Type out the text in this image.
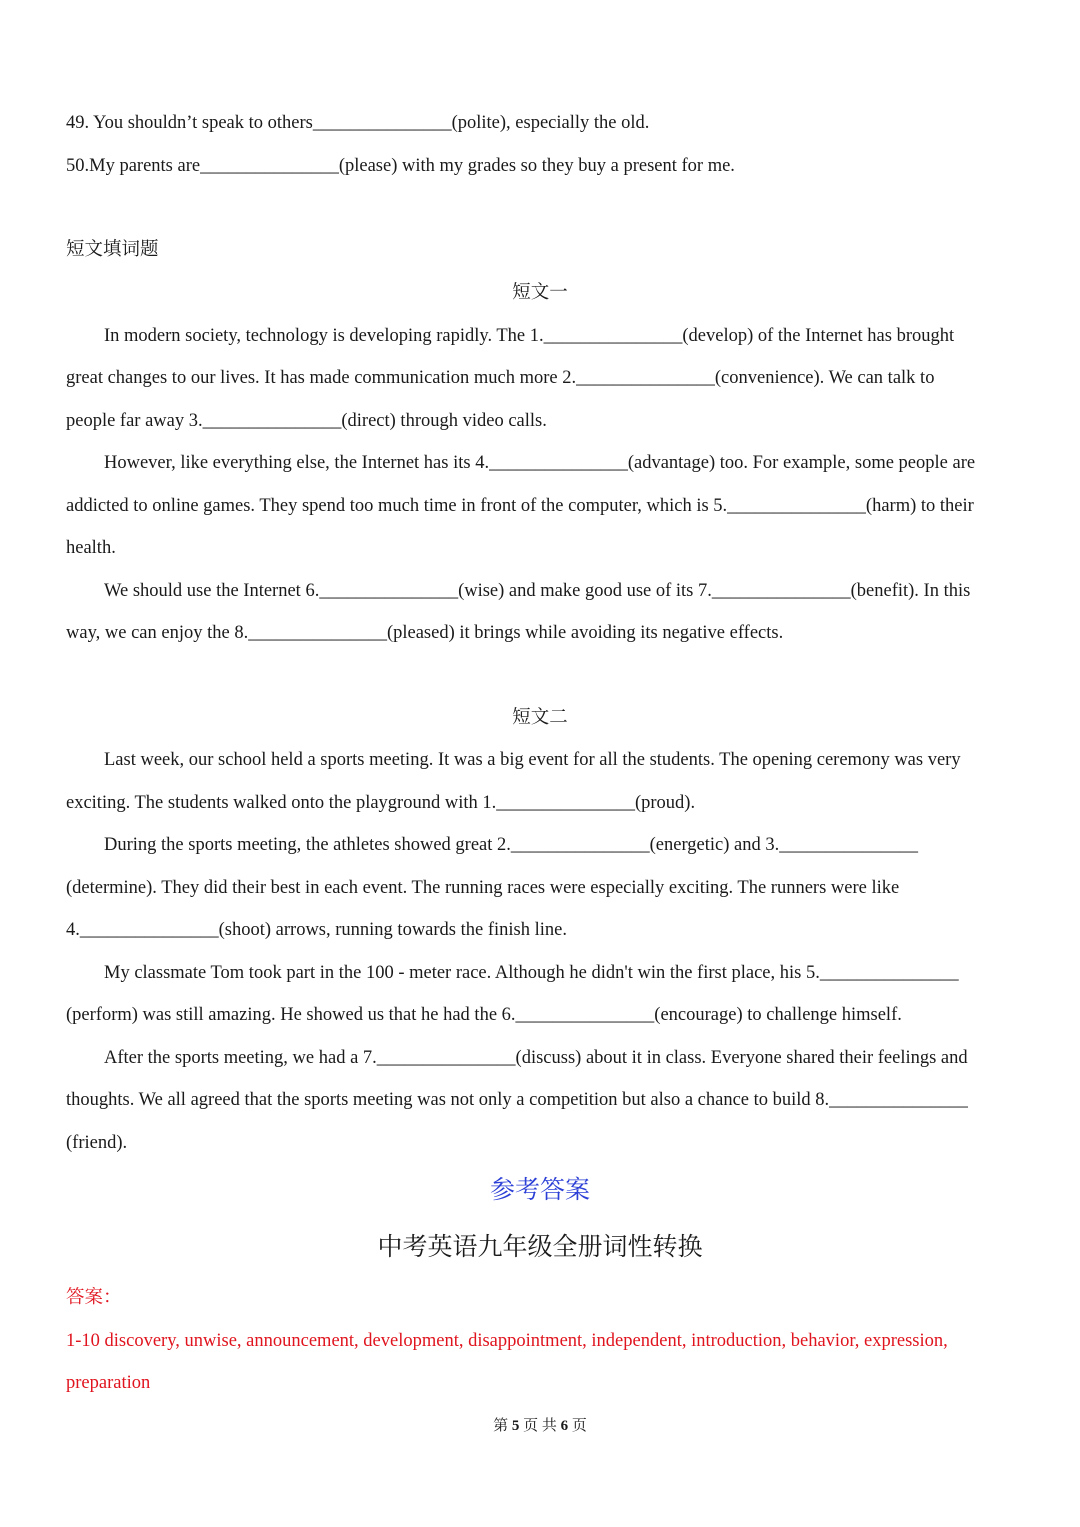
49. You shouldn’t speak to others_______________(polite), especially the old.
50.My parents are_______________(please) with my grades so they buy a present for me.
短文填词题
短文一
In modern society, technology is developing rapidly. The 1._______________(develop) of the Internet has brought
great changes to our lives. It has made communication much more 2._______________(convenience). We can talk to
people far away 3._______________(direct) through video calls.
However, like everything else, the Internet has its 4._______________(advantage) too. For example, some people are
addicted to online games. They spend too much time in front of the computer, which is 5._______________(harm) to their
health.
We should use the Internet 6._______________(wise) and make good use of its 7._______________(benefit). In this
way, we can enjoy the 8._______________(pleased) it brings while avoiding its negative effects.
短文二
Last week, our school held a sports meeting. It was a big event for all the students. The opening ceremony was very
exciting. The students walked onto the playground with 1._______________(proud).
During the sports meeting, the athletes showed great 2._______________(energetic) and 3._______________
(determine). They did their best in each event. The running races were especially exciting. The runners were like
4._______________(shoot) arrows, running towards the finish line.
My classmate Tom took part in the 100 - meter race. Although he didn't win the first place, his 5._______________
(perform) was still amazing. He showed us that he had the 6._______________(encourage) to challenge himself.
After the sports meeting, we had a 7._______________(discuss) about it in class. Everyone shared their feelings and
thoughts. We all agreed that the sports meeting was not only a competition but also a chance to build 8._______________
(friend).
参考答案
中考英语九年级全册词性转换
答案：
1-10 discovery, unwise, announcement, development, disappointment, independent, introduction, behavior, expression,
preparation
第 5 页 共 6 页
